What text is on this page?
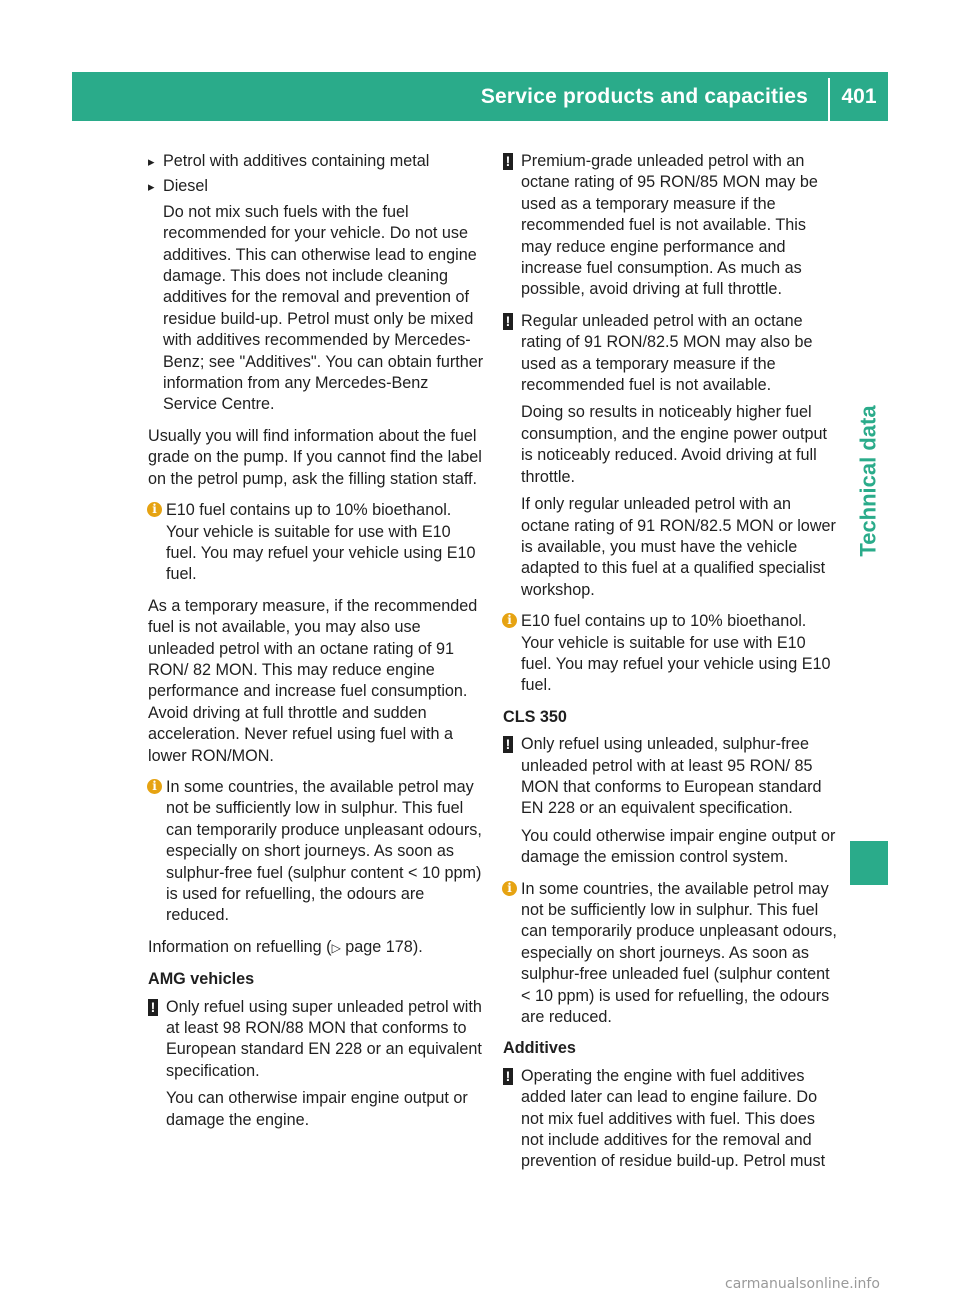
Service products and capacities	401
Technical data
▸ Petrol with additives containing metal
▸ Diesel

Do not mix such fuels with the fuel recommended for your vehicle. Do not use additives. This can otherwise lead to engine damage. This does not include cleaning additives for the removal and prevention of residue build-up. Petrol must only be mixed with additives recommended by Mercedes-Benz; see "Additives". You can obtain further information from any Mercedes-Benz Service Centre.

Usually you will find information about the fuel grade on the pump. If you cannot find the label on the petrol pump, ask the filling station staff.

i E10 fuel contains up to 10% bioethanol. Your vehicle is suitable for use with E10 fuel. You may refuel your vehicle using E10 fuel.

As a temporary measure, if the recommended fuel is not available, you may also use unleaded petrol with an octane rating of 91 RON/ 82 MON. This may reduce engine performance and increase fuel consumption. Avoid driving at full throttle and sudden acceleration. Never refuel using fuel with a lower RON/MON.

i In some countries, the available petrol may not be sufficiently low in sulphur. This fuel can temporarily produce unpleasant odours, especially on short journeys. As soon as sulphur-free fuel (sulphur content < 10 ppm) is used for refuelling, the odours are reduced.

Information on refuelling (▷ page 178).

AMG vehicles
! Only refuel using super unleaded petrol with at least 98 RON/88 MON that conforms to European standard EN 228 or an equivalent specification.
You can otherwise impair engine output or damage the engine.
! Premium-grade unleaded petrol with an octane rating of 95 RON/85 MON may be used as a temporary measure if the recommended fuel is not available. This may reduce engine performance and increase fuel consumption. As much as possible, avoid driving at full throttle.
! Regular unleaded petrol with an octane rating of 91 RON/82.5 MON may also be used as a temporary measure if the recommended fuel is not available.
Doing so results in noticeably higher fuel consumption, and the engine power output is noticeably reduced. Avoid driving at full throttle.
If only regular unleaded petrol with an octane rating of 91 RON/82.5 MON or lower is available, you must have the vehicle adapted to this fuel at a qualified specialist workshop.
i E10 fuel contains up to 10% bioethanol. Your vehicle is suitable for use with E10 fuel. You may refuel your vehicle using E10 fuel.
CLS 350
! Only refuel using unleaded, sulphur-free unleaded petrol with at least 95 RON/ 85 MON that conforms to European standard EN 228 or an equivalent specification.
You could otherwise impair engine output or damage the emission control system.
i In some countries, the available petrol may not be sufficiently low in sulphur. This fuel can temporarily produce unpleasant odours, especially on short journeys. As soon as sulphur-free unleaded fuel (sulphur content < 10 ppm) is used for refuelling, the odours are reduced.
Additives
! Operating the engine with fuel additives added later can lead to engine failure. Do not mix fuel additives with fuel. This does not include additives for the removal and prevention of residue build-up. Petrol must
carmanualsonline.info
